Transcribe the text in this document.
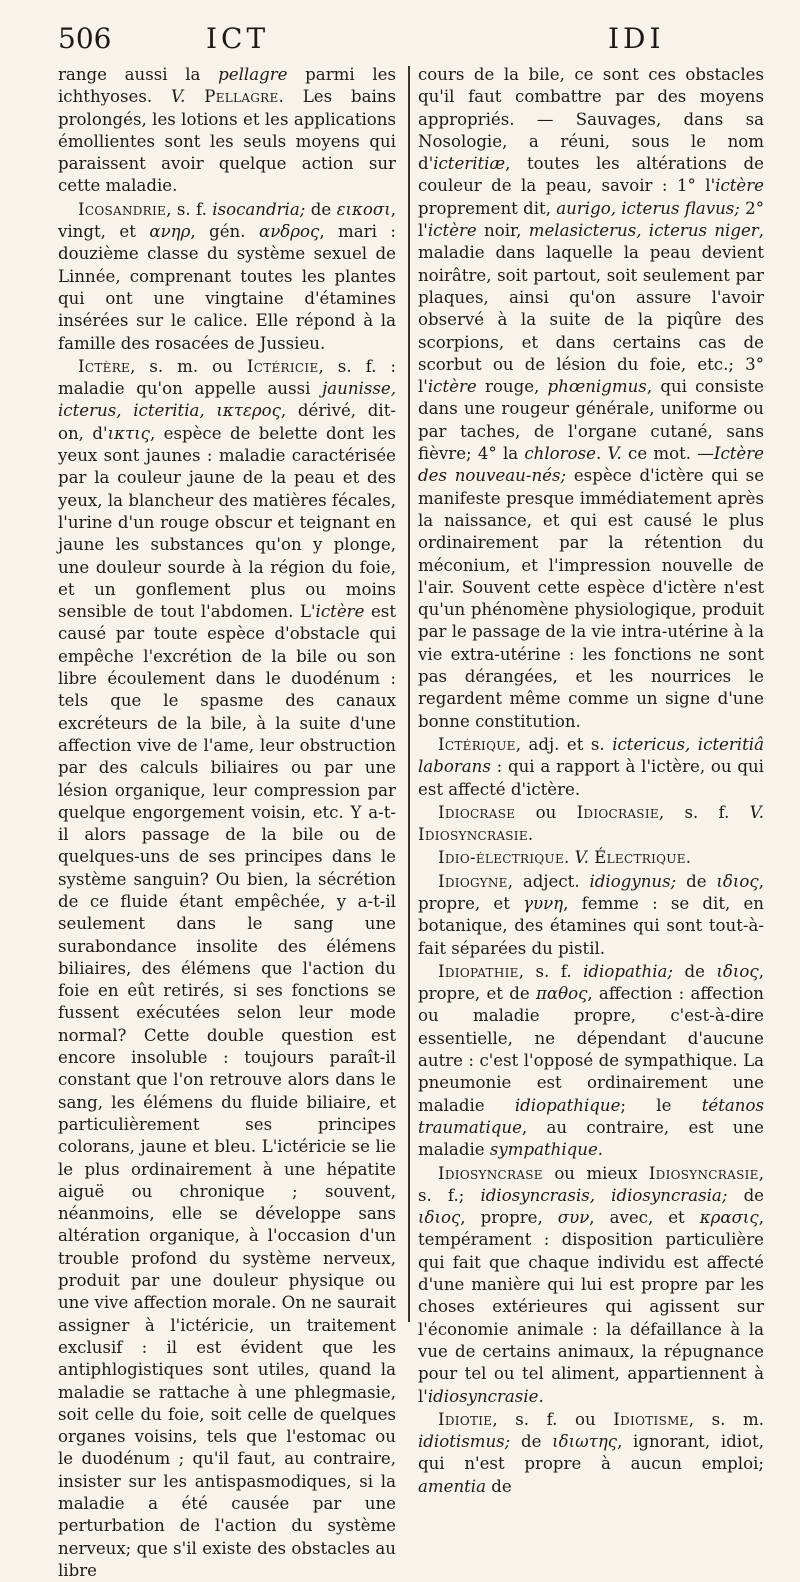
506	ICT	IDI

range aussi la pellagre parmi les ichthyoses. V. Pellagre. Les bains prolongés, les lotions et les applications émollientes sont les seuls moyens qui paraissent avoir quelque action sur cette maladie.

Icosandrie, s. f. isocandria; de εικοσι, vingt, et ανηρ, gén. ανδρος, mari : douzième classe du système sexuel de Linnée, comprenant toutes les plantes qui ont une vingtaine d'étamines insérées sur le calice. Elle répond à la famille des rosacées de Jussieu.

Ictère, s. m. ou Ictéricie, s. f. : maladie qu'on appelle aussi jaunisse, icterus, icteritia, ικτερος, dérivé, dit-on, d'ικτις, espèce de belette dont les yeux sont jaunes : maladie caractérisée par la couleur jaune de la peau et des yeux, la blancheur des matières fécales, l'urine d'un rouge obscur et teignant en jaune les substances qu'on y plonge, une douleur sourde à la région du foie, et un gonflement plus ou moins sensible de tout l'abdomen. L'ictère est causé par toute espèce d'obstacle qui empêche l'excrétion de la bile ou son libre écoulement dans le duodénum : tels que le spasme des canaux excréteurs de la bile, à la suite d'une affection vive de l'ame, leur obstruction par des calculs biliaires ou par une lésion organique, leur compression par quelque engorgement voisin, etc. Y a-t-il alors passage de la bile ou de quelques-uns de ses principes dans le système sanguin? Ou bien, la sécrétion de ce fluide étant empêchée, y a-t-il seulement dans le sang une surabondance insolite des élémens biliaires, des élémens que l'action du foie en eût retirés, si ses fonctions se fussent exécutées selon leur mode normal? Cette double question est encore insoluble : toujours paraît-il constant que l'on retrouve alors dans le sang, les élémens du fluide biliaire, et particulièrement ses principes colorans, jaune et bleu. L'ictéricie se lie le plus ordinairement à une hépatite aiguë ou chronique ; souvent, néanmoins, elle se développe sans altération organique, à l'occasion d'un trouble profond du système nerveux, produit par une douleur physique ou une vive affection morale. On ne saurait assigner à l'ictéricie, un traitement exclusif : il est évident que les antiphlogistiques sont utiles, quand la maladie se rattache à une phlegmasie, soit celle du foie, soit celle de quelques organes voisins, tels que l'estomac ou le duodénum ; qu'il faut, au contraire, insister sur les antispasmodiques, si la maladie a été causée par une perturbation de l'action du système nerveux; que s'il existe des obstacles au libre

cours de la bile, ce sont ces obstacles qu'il faut combattre par des moyens appropriés. — Sauvages, dans sa Nosologie, a réuni, sous le nom d'icteritiæ, toutes les altérations de couleur de la peau, savoir : 1° l'ictère proprement dit, aurigo, icterus flavus; 2° l'ictère noir, melasicterus, icterus niger, maladie dans laquelle la peau devient noirâtre, soit partout, soit seulement par plaques, ainsi qu'on assure l'avoir observé à la suite de la piqûre des scorpions, et dans certains cas de scorbut ou de lésion du foie, etc.; 3° l'ictère rouge, phœnigmus, qui consiste dans une rougeur générale, uniforme ou par taches, de l'organe cutané, sans fièvre; 4° la chlorose. V. ce mot. —Ictère des nouveau-nés; espèce d'ictère qui se manifeste presque immédiatement après la naissance, et qui est causé le plus ordinairement par la rétention du méconium, et l'impression nouvelle de l'air. Souvent cette espèce d'ictère n'est qu'un phénomène physiologique, produit par le passage de la vie intra-utérine à la vie extra-utérine : les fonctions ne sont pas dérangées, et les nourrices le regardent même comme un signe d'une bonne constitution.

Ictérique, adj. et s. ictericus, icteritiâ laborans : qui a rapport à l'ictère, ou qui est affecté d'ictère.

Idiocrase ou Idiocrasie, s. f. V. Idiosyncrasie.

Idio-électrique. V. Électrique.

Idiogyne, adject. idiogynus; de ιδιος, propre, et γυνη, femme : se dit, en botanique, des étamines qui sont tout-à-fait séparées du pistil.

Idiopathie, s. f. idiopathia; de ιδιος, propre, et de παθος, affection : affection ou maladie propre, c'est-à-dire essentielle, ne dépendant d'aucune autre : c'est l'opposé de sympathique. La pneumonie est ordinairement une maladie idiopathique; le tétanos traumatique, au contraire, est une maladie sympathique.

Idiosyncrase ou mieux Idiosyncrasie, s. f.; idiosyncrasis, idiosyncrasia; de ιδιος, propre, συν, avec, et κρασις, tempérament : disposition particulière qui fait que chaque individu est affecté d'une manière qui lui est propre par les choses extérieures qui agissent sur l'économie animale : la défaillance à la vue de certains animaux, la répugnance pour tel ou tel aliment, appartiennent à l'idiosyncrasie.

Idiotie, s. f. ou Idiotisme, s. m. idiotismus; de ιδιωτης, ignorant, idiot, qui n'est propre à aucun emploi; amentia de
